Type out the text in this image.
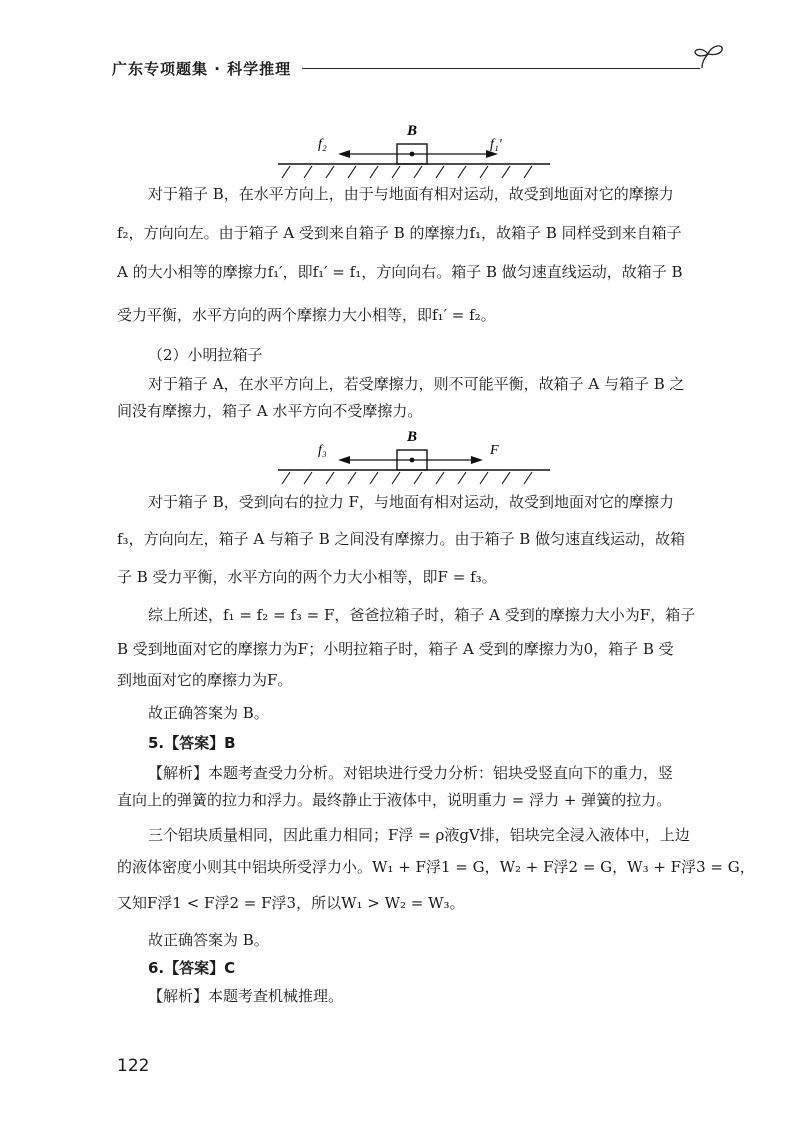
广东专项题集 · 科学推理
B
f₂	f₁′
对于箱子 B，在水平方向上，由于与地面有相对运动，故受到地面对它的摩擦力
f₂，方向向左。由于箱子 A 受到来自箱子 B 的摩擦力f₁，故箱子 B 同样受到来自箱子
A 的大小相等的摩擦力f₁′，即f₁′ = f₁，方向向右。箱子 B 做匀速直线运动，故箱子 B
受力平衡，水平方向的两个摩擦力大小相等，即f₁′ = f₂。
（2）小明拉箱子
对于箱子 A，在水平方向上，若受摩擦力，则不可能平衡，故箱子 A 与箱子 B 之
间没有摩擦力，箱子 A 水平方向不受摩擦力。
B
f₃	F
对于箱子 B，受到向右的拉力 F，与地面有相对运动，故受到地面对它的摩擦力
f₃，方向向左，箱子 A 与箱子 B 之间没有摩擦力。由于箱子 B 做匀速直线运动，故箱
子 B 受力平衡，水平方向的两个力大小相等，即F = f₃。
综上所述，f₁ = f₂ = f₃ = F，爸爸拉箱子时，箱子 A 受到的摩擦力大小为F，箱子
B 受到地面对它的摩擦力为F；小明拉箱子时，箱子 A 受到的摩擦力为0，箱子 B 受
到地面对它的摩擦力为F。
故正确答案为 B。
5.【答案】B
【解析】本题考查受力分析。对铝块进行受力分析：铝块受竖直向下的重力，竖
直向上的弹簧的拉力和浮力。最终静止于液体中，说明重力 = 浮力 + 弹簧的拉力。
三个铝块质量相同，因此重力相同；F浮 = ρ液gV排，铝块完全浸入液体中，上边
的液体密度小则其中铝块所受浮力小。W₁ + F浮1 = G，W₂ + F浮2 = G，W₃ + F浮3 = G，
又知F浮1 < F浮2 = F浮3，所以W₁ > W₂ = W₃。
故正确答案为 B。
6.【答案】C
【解析】本题考查机械推理。
122
